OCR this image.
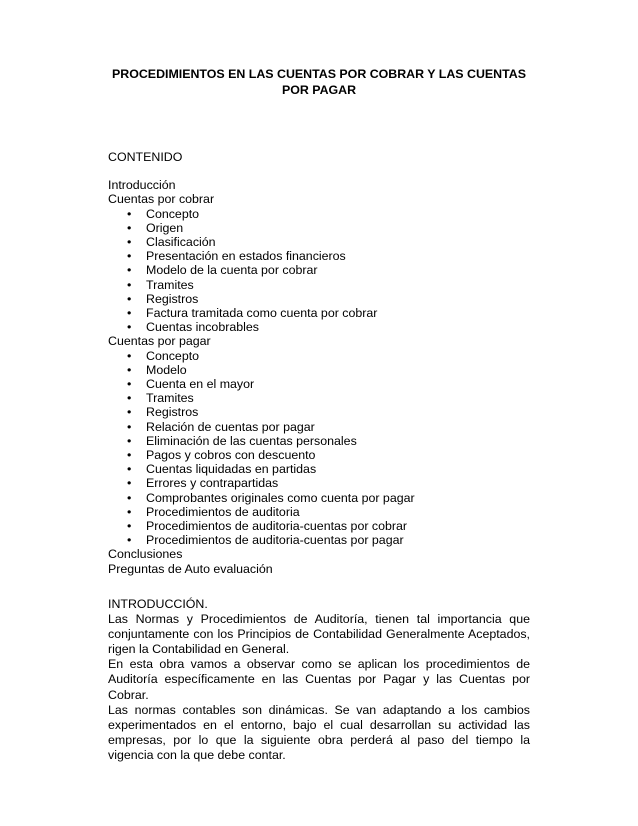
PROCEDIMIENTOS EN LAS CUENTAS POR COBRAR Y LAS CUENTAS POR PAGAR

CONTENIDO

Introducción

Cuentas por cobrar

• Concepto
• Origen
• Clasificación
• Presentación en estados financieros
• Modelo de la cuenta por cobrar
• Tramites
• Registros
• Factura tramitada como cuenta por cobrar
• Cuentas incobrables

Cuentas por pagar

• Concepto
• Modelo
• Cuenta en el mayor
• Tramites
• Registros
• Relación de cuentas por pagar
• Eliminación de las cuentas personales
• Pagos y cobros con descuento
• Cuentas liquidadas en partidas
• Errores y contrapartidas
• Comprobantes originales como cuenta por pagar
• Procedimientos de auditoria
• Procedimientos de auditoria-cuentas por cobrar
• Procedimientos de auditoria-cuentas por pagar

Conclusiones

Preguntas de Auto evaluación

INTRODUCCIÓN.

Las Normas y Procedimientos de Auditoría, tienen tal importancia que conjuntamente con los Principios de Contabilidad Generalmente Aceptados, rigen la Contabilidad en General.

En esta obra vamos a observar como se aplican los procedimientos de Auditoría específicamente en las Cuentas por Pagar y las Cuentas por Cobrar.

Las normas contables son dinámicas. Se van adaptando a los cambios experimentados en el entorno, bajo el cual desarrollan su actividad las empresas, por lo que la siguiente obra perderá al paso del tiempo la vigencia con la que debe contar.
